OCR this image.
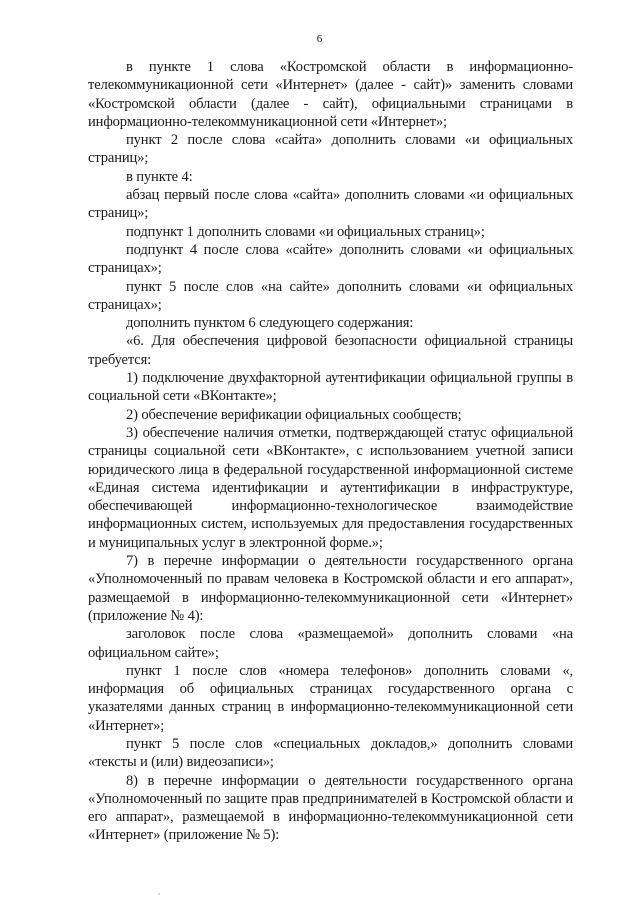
6

в пункте 1 слова «Костромской области в информационно-телекоммуникационной сети «Интернет» (далее - сайт)» заменить словами «Костромской области (далее - сайт), официальными страницами в информационно-телекоммуникационной сети «Интернет»;

пункт 2 после слова «сайта» дополнить словами «и официальных страниц»;

в пункте 4:

абзац первый после слова «сайта» дополнить словами «и официальных страниц»;

подпункт 1 дополнить словами «и официальных страниц»;

подпункт 4 после слова «сайте» дополнить словами «и официальных страницах»;

пункт 5 после слов «на сайте» дополнить словами «и официальных страницах»;

дополнить пунктом 6 следующего содержания:

«6. Для обеспечения цифровой безопасности официальной страницы требуется:

1) подключение двухфакторной аутентификации официальной группы в социальной сети «ВКонтакте»;

2) обеспечение верификации официальных сообществ;

3) обеспечение наличия отметки, подтверждающей статус официальной страницы социальной сети «ВКонтакте», с использованием учетной записи юридического лица в федеральной государственной информационной системе «Единая система идентификации и аутентификации в инфраструктуре, обеспечивающей информационно-технологическое взаимодействие информационных систем, используемых для предоставления государственных и муниципальных услуг в электронной форме.»;

7) в перечне информации о деятельности государственного органа «Уполномоченный по правам человека в Костромской области и его аппарат», размещаемой в информационно-телекоммуникационной сети «Интернет» (приложение № 4):

заголовок после слова «размещаемой» дополнить словами «на официальном сайте»;

пункт 1 после слов «номера телефонов» дополнить словами «, информация об официальных страницах государственного органа с указателями данных страниц в информационно-телекоммуникационной сети «Интернет»;

пункт 5 после слов «специальных докладов,» дополнить словами «тексты и (или) видеозаписи»;

8) в перечне информации о деятельности государственного органа «Уполномоченный по защите прав предпринимателей в Костромской области и его аппарат», размещаемой в информационно-телекоммуникационной сети «Интернет» (приложение № 5):
